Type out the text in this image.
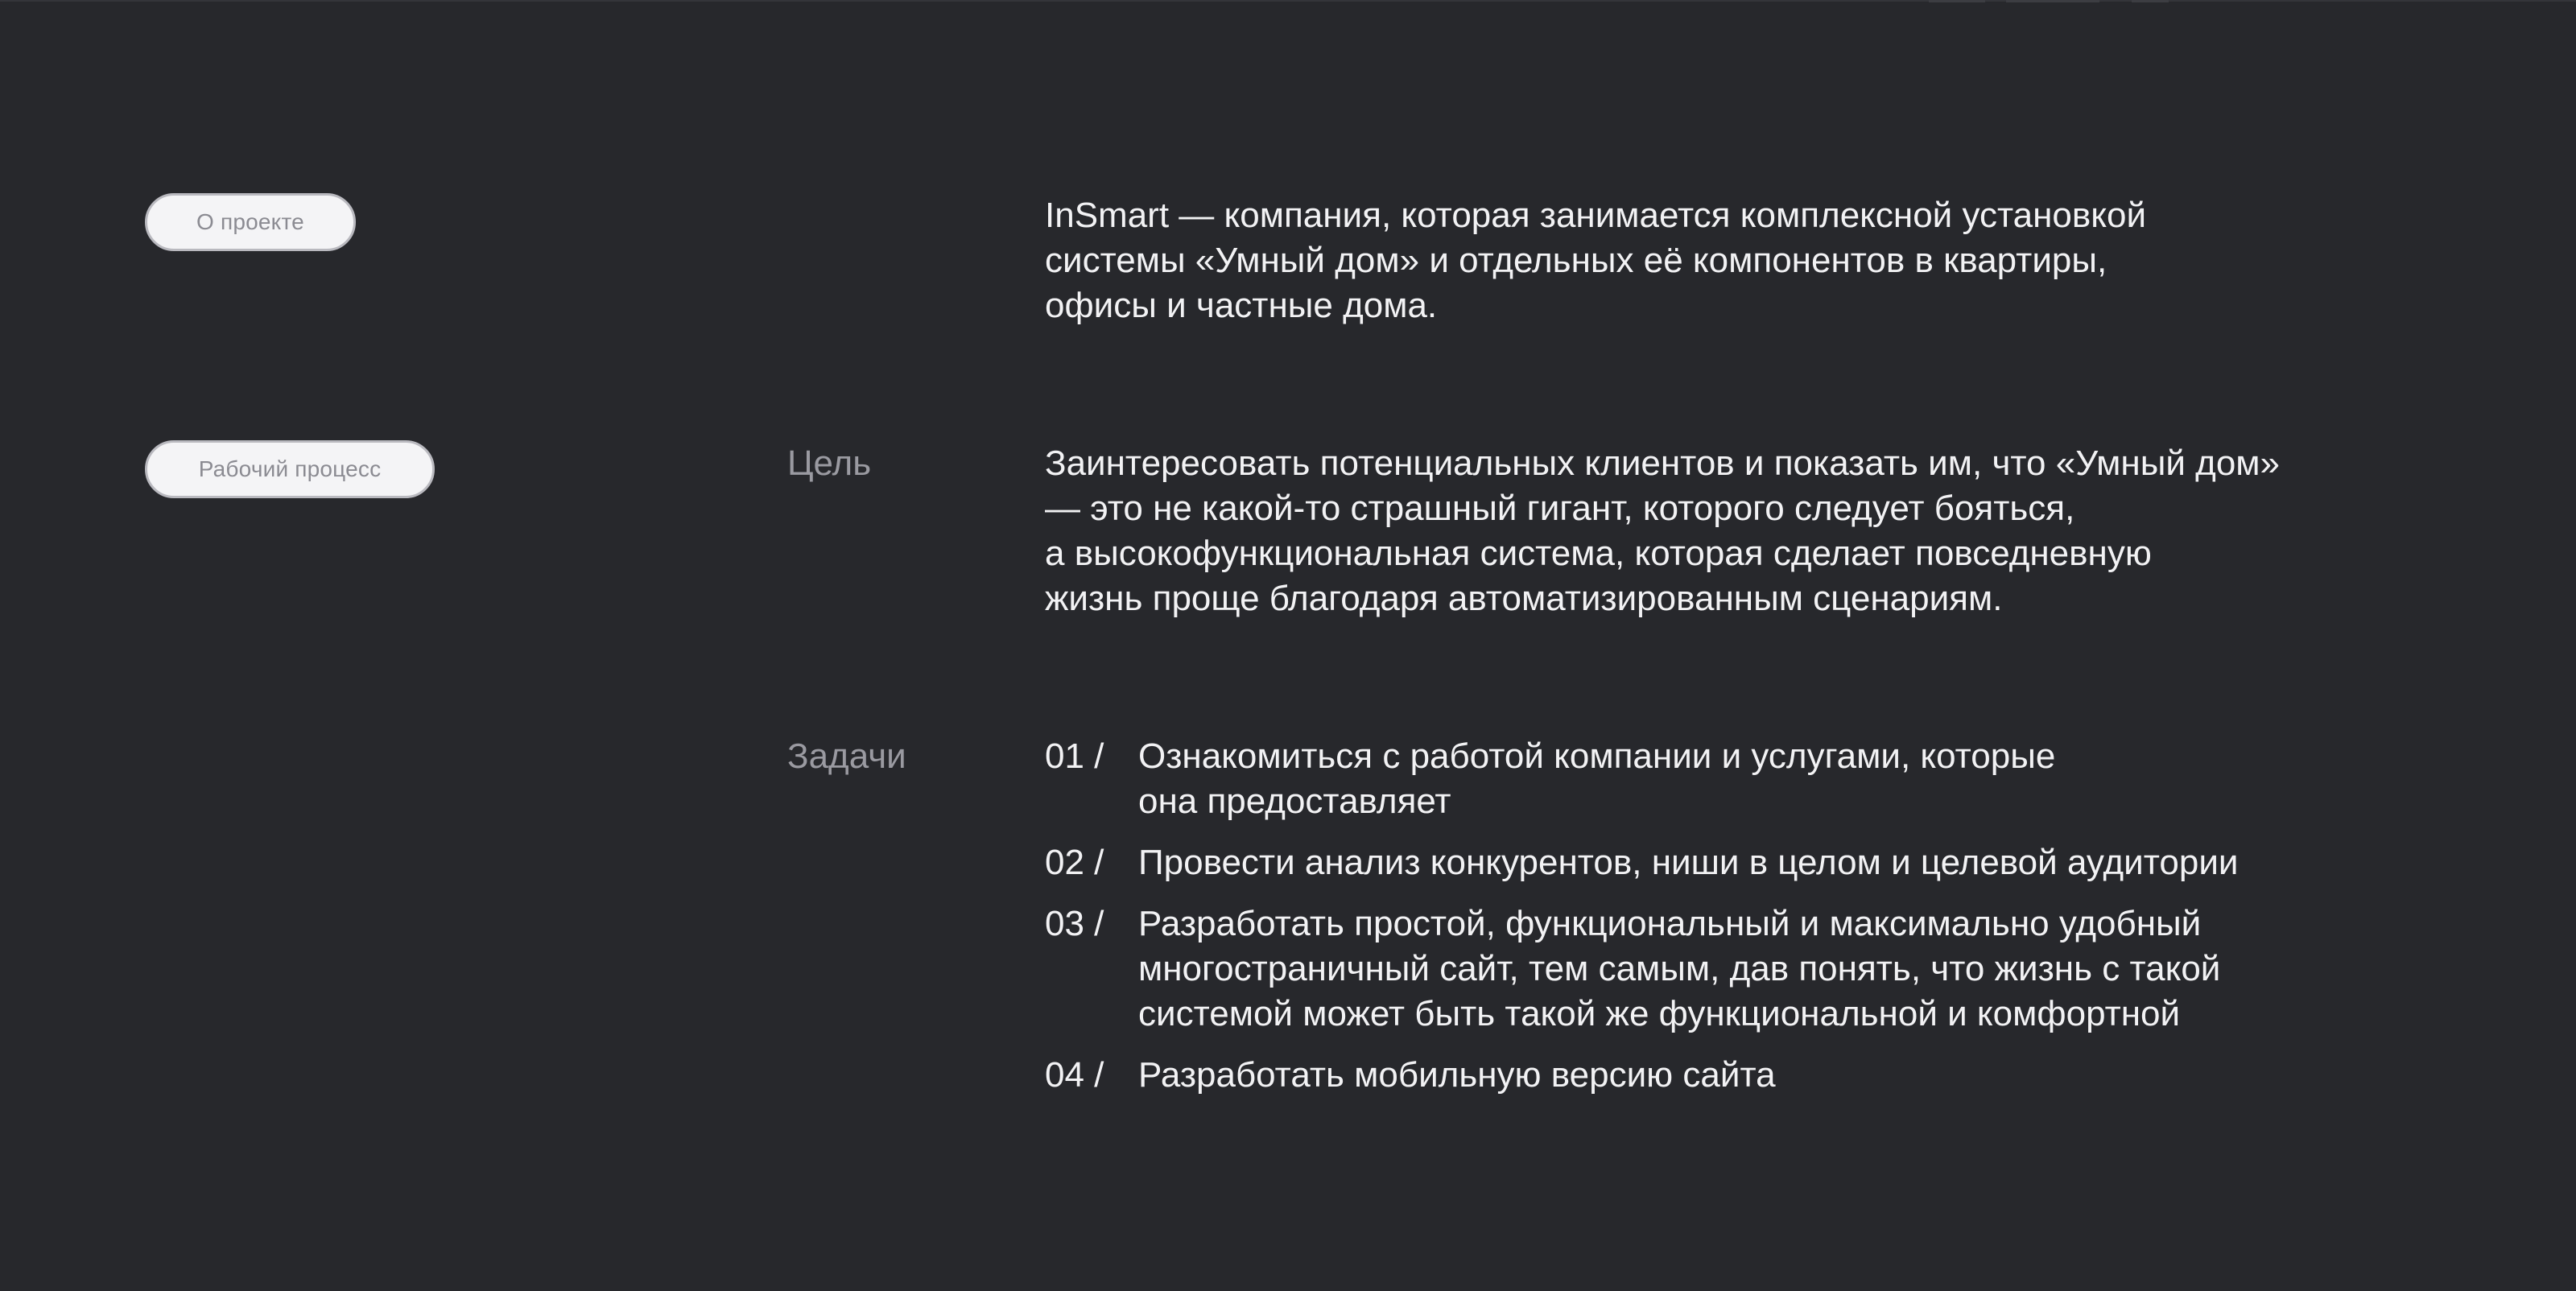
О проекте	InSmart — компания, которая занимается комплексной установкой
системы «Умный дом» и отдельных её компонентов в квартиры,
офисы и частные дома.

Рабочий процесс	Цель	Заинтересовать потенциальных клиентов и показать им, что «Умный дом»
— это не какой-то страшный гигант, которого следует бояться,
а высокофункциональная система, которая сделает повседневную
жизнь проще благодаря автоматизированным сценариям.

Задачи	01 / Ознакомиться с работой компании и услугами, которые
она предоставляет
02 / Провести анализ конкурентов, ниши в целом и целевой аудитории
03 / Разработать простой, функциональный и максимально удобный
многостраничный сайт, тем самым, дав понять, что жизнь с такой
системой может быть такой же функциональной и комфортной
04 / Разработать мобильную версию сайта
